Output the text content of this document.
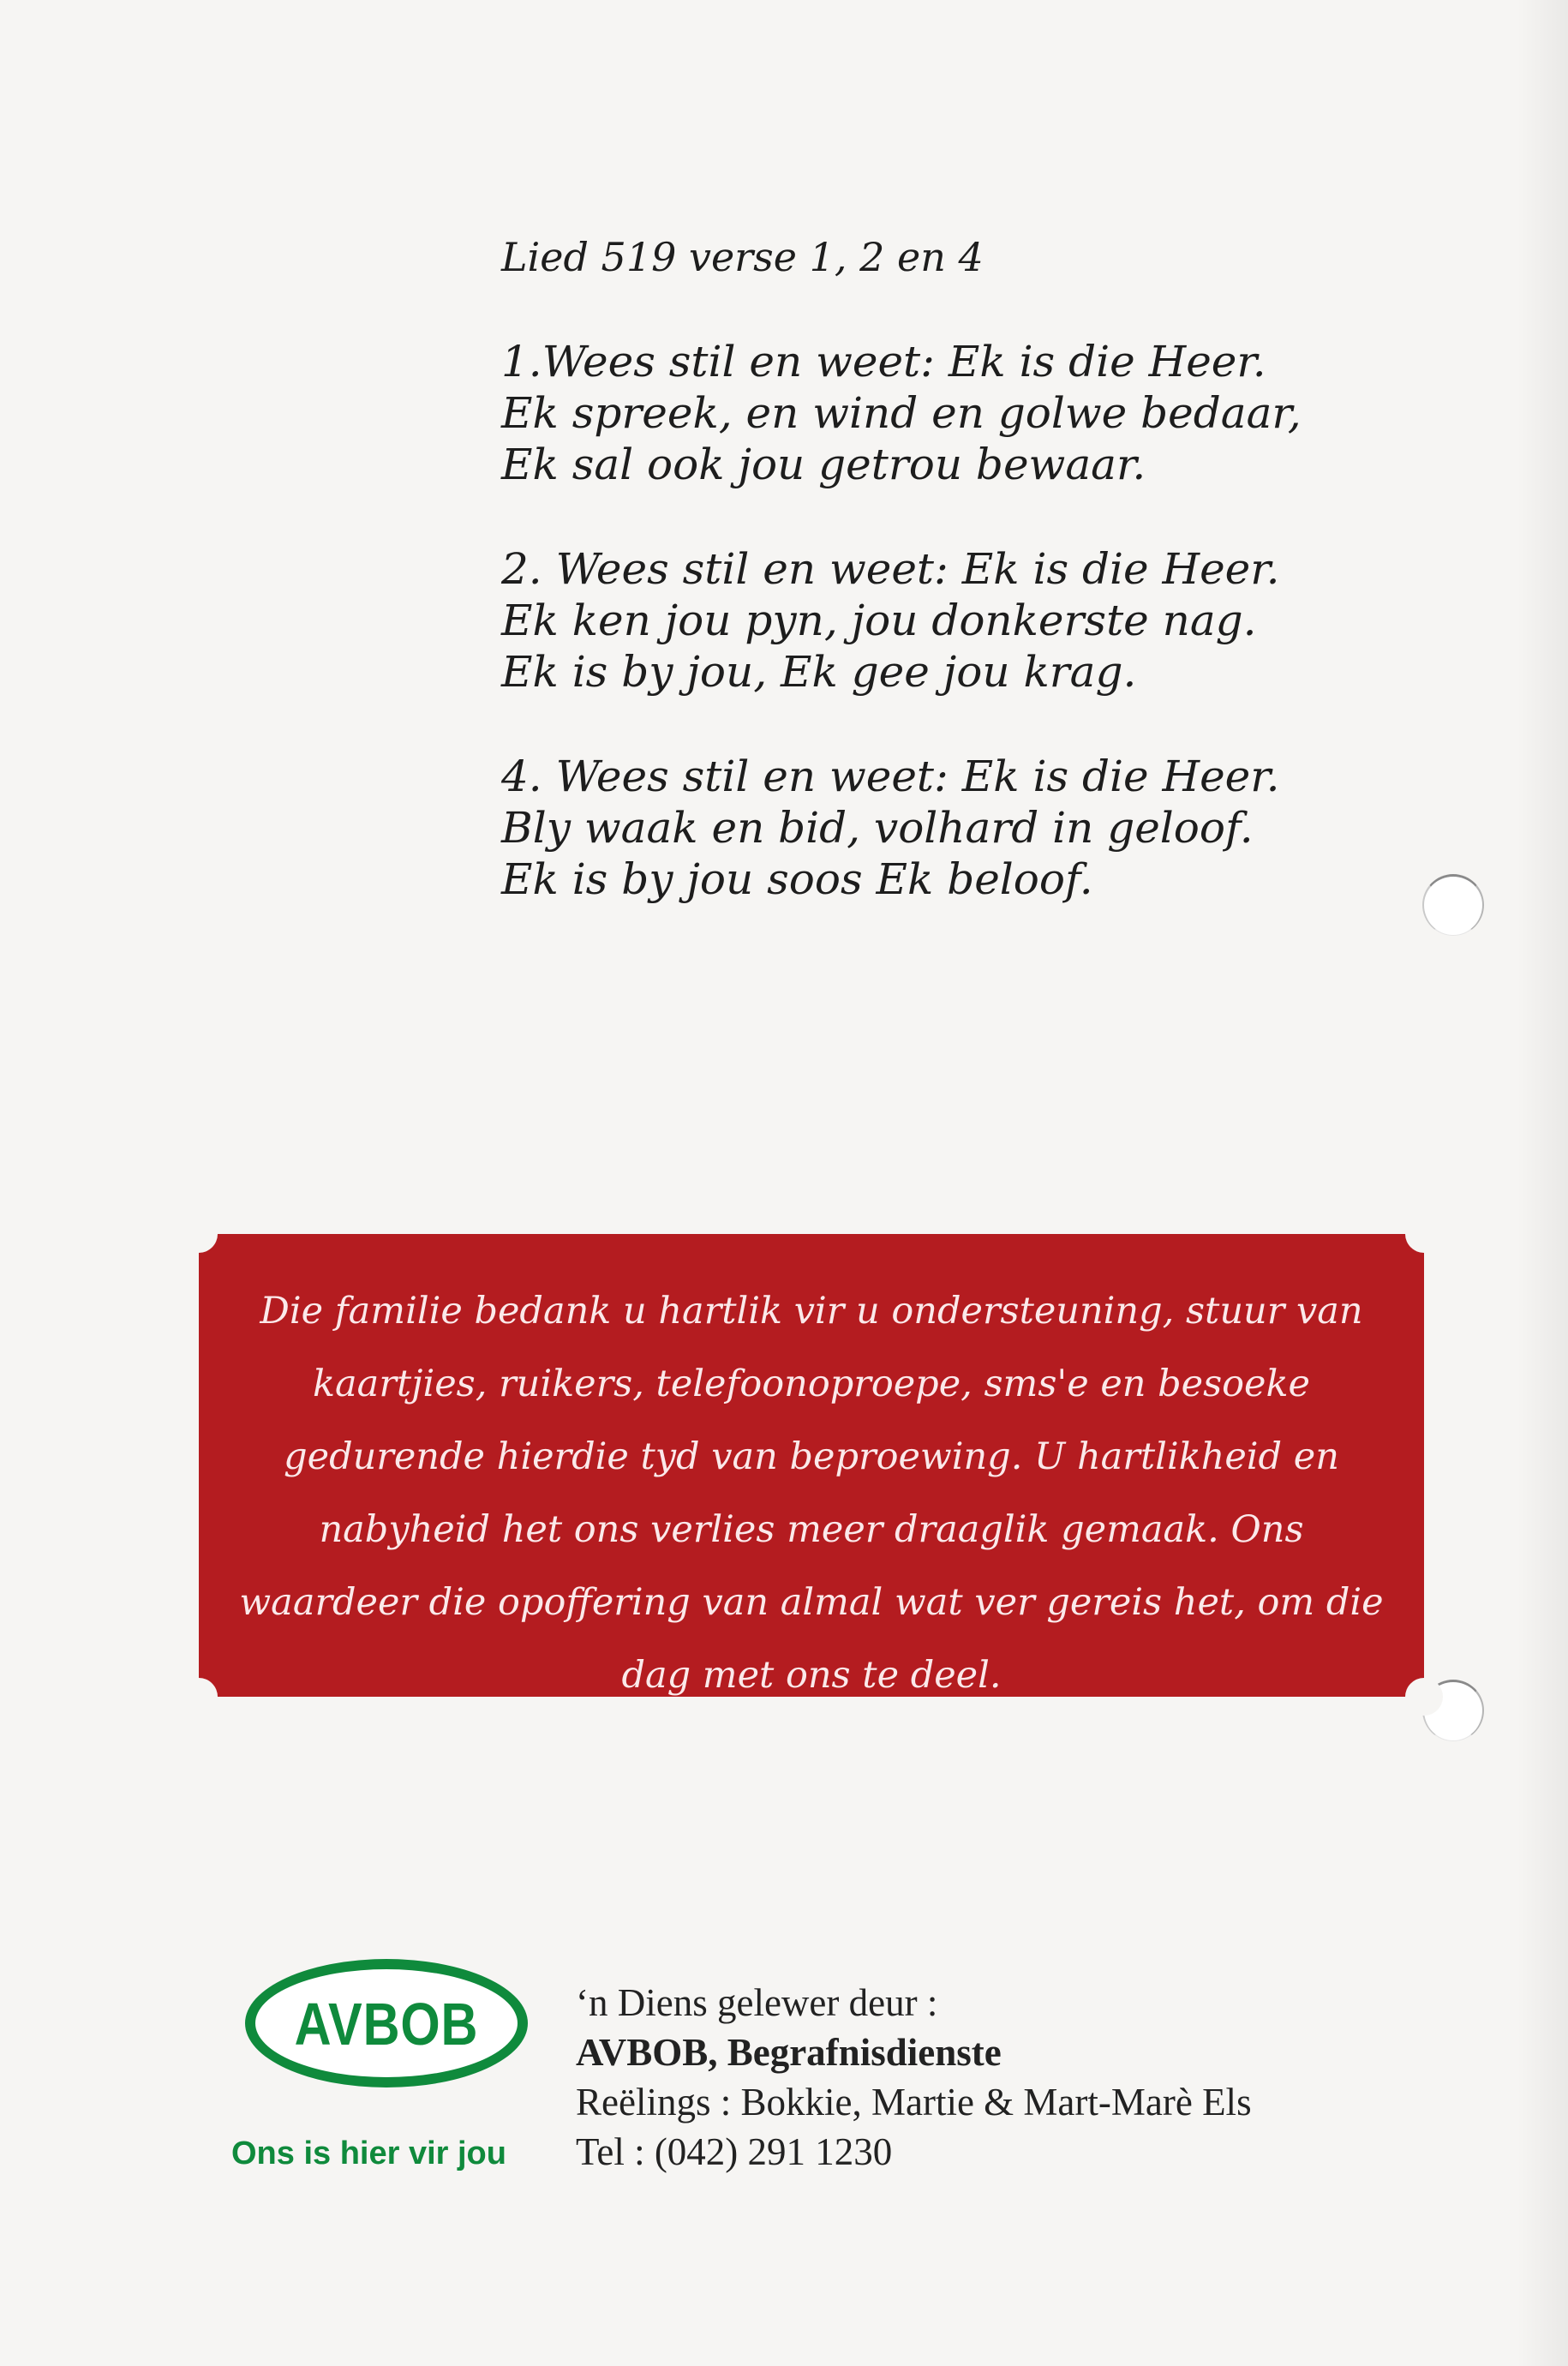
Lied 519 verse 1, 2 en 4
1.Wees stil en weet: Ek is die Heer.
Ek spreek, en wind en golwe bedaar,
Ek sal ook jou getrou bewaar.
2. Wees stil en weet: Ek is die Heer.
Ek ken jou pyn, jou donkerste nag.
Ek is by jou, Ek gee jou krag.
4. Wees stil en weet: Ek is die Heer.
Bly waak en bid, volhard in geloof.
Ek is by jou soos Ek beloof.

Die familie bedank u hartlik vir u ondersteuning, stuur van kaartjies, ruikers, telefoonoproepe, sms'e en besoeke gedurende hierdie tyd van beproewing. U hartlikheid en nabyheid het ons verlies meer draaglik gemaak. Ons waardeer die opoffering van almal wat ver gereis het, om die dag met ons te deel.

AVBOB
Ons is hier vir jou
‘n Diens gelewer deur :
AVBOB, Begrafnisdienste
Reëlings : Bokkie, Martie & Mart-Marè Els
Tel : (042) 291 1230
